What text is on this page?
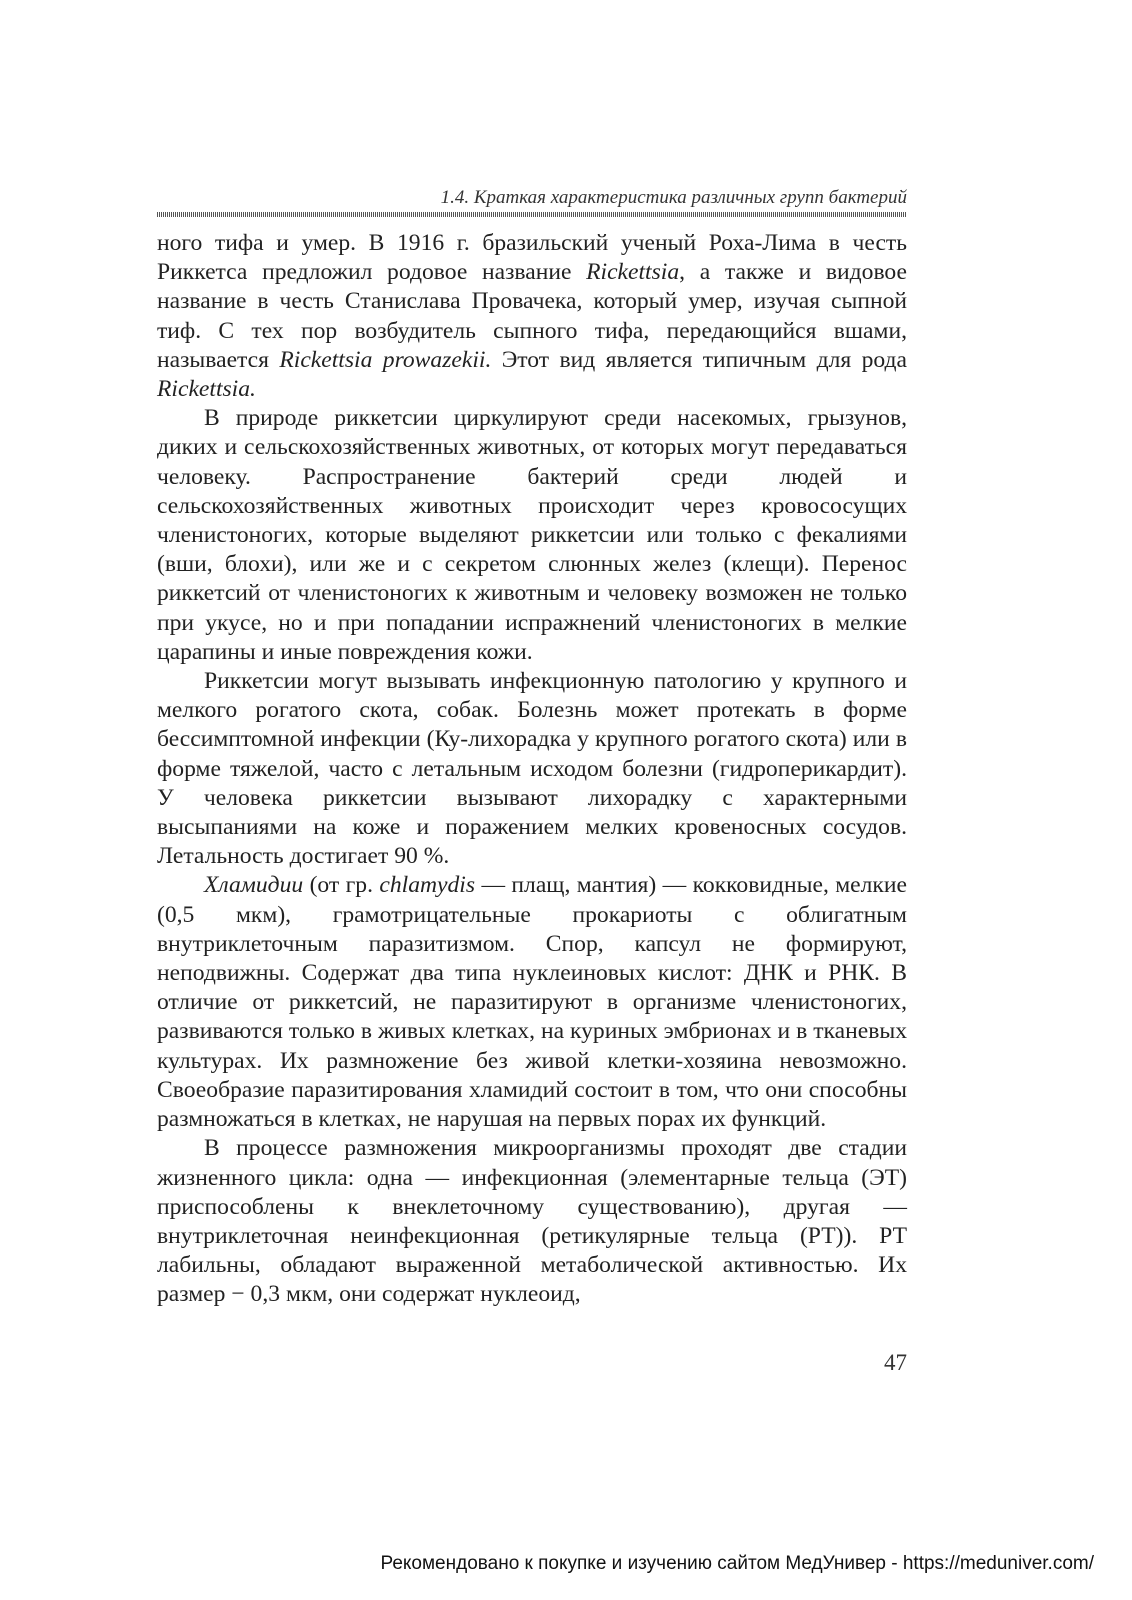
1.4. Краткая характеристика различных групп бактерий

ного тифа и умер. В 1916 г. бразильский ученый Роха-Лима в честь Риккетса предложил родовое название Rickettsia, а также и видовое название в честь Станислава Провачека, который умер, изучая сыпной тиф. С тех пор возбудитель сыпного тифа, передающийся вшами, называется Rickettsia prowazekii. Этот вид является типичным для рода Rickettsia.

В природе риккетсии циркулируют среди насекомых, грызунов, диких и сельскохозяйственных животных, от которых могут передаваться человеку. Распространение бактерий среди людей и сельскохозяйственных животных происходит через кровососущих членистоногих, которые выделяют риккетсии или только с фекалиями (вши, блохи), или же и с секретом слюнных желез (клещи). Перенос риккетсий от членистоногих к животным и человеку возможен не только при укусе, но и при попадании испражнений членистоногих в мелкие царапины и иные повреждения кожи.

Риккетсии могут вызывать инфекционную патологию у крупного и мелкого рогатого скота, собак. Болезнь может протекать в форме бессимптомной инфекции (Ку-лихорадка у крупного рогатого скота) или в форме тяжелой, часто с летальным исходом болезни (гидроперикардит). У человека риккетсии вызывают лихорадку с характерными высыпаниями на коже и поражением мелких кровеносных сосудов. Летальность достигает 90 %.

Хламидии (от гр. chlamydis — плащ, мантия) — кокковидные, мелкие (0,5 мкм), грамотрицательные прокариоты с облигатным внутриклеточным паразитизмом. Спор, капсул не формируют, неподвижны. Содержат два типа нуклеиновых кислот: ДНК и РНК. В отличие от риккетсий, не паразитируют в организме членистоногих, развиваются только в живых клетках, на куриных эмбрионах и в тканевых культурах. Их размножение без живой клетки-хозяина невозможно. Своеобразие паразитирования хламидий состоит в том, что они способны размножаться в клетках, не нарушая на первых порах их функций.

В процессе размножения микроорганизмы проходят две стадии жизненного цикла: одна — инфекционная (элементарные тельца (ЭТ) приспособлены к внеклеточному существованию), другая — внутриклеточная неинфекционная (ретикулярные тельца (РТ)). РТ лабильны, обладают выраженной метаболической активностью. Их размер − 0,3 мкм, они содержат нуклеоид,

47
Рекомендовано к покупке и изучению сайтом МедУнивер - https://meduniver.com/
